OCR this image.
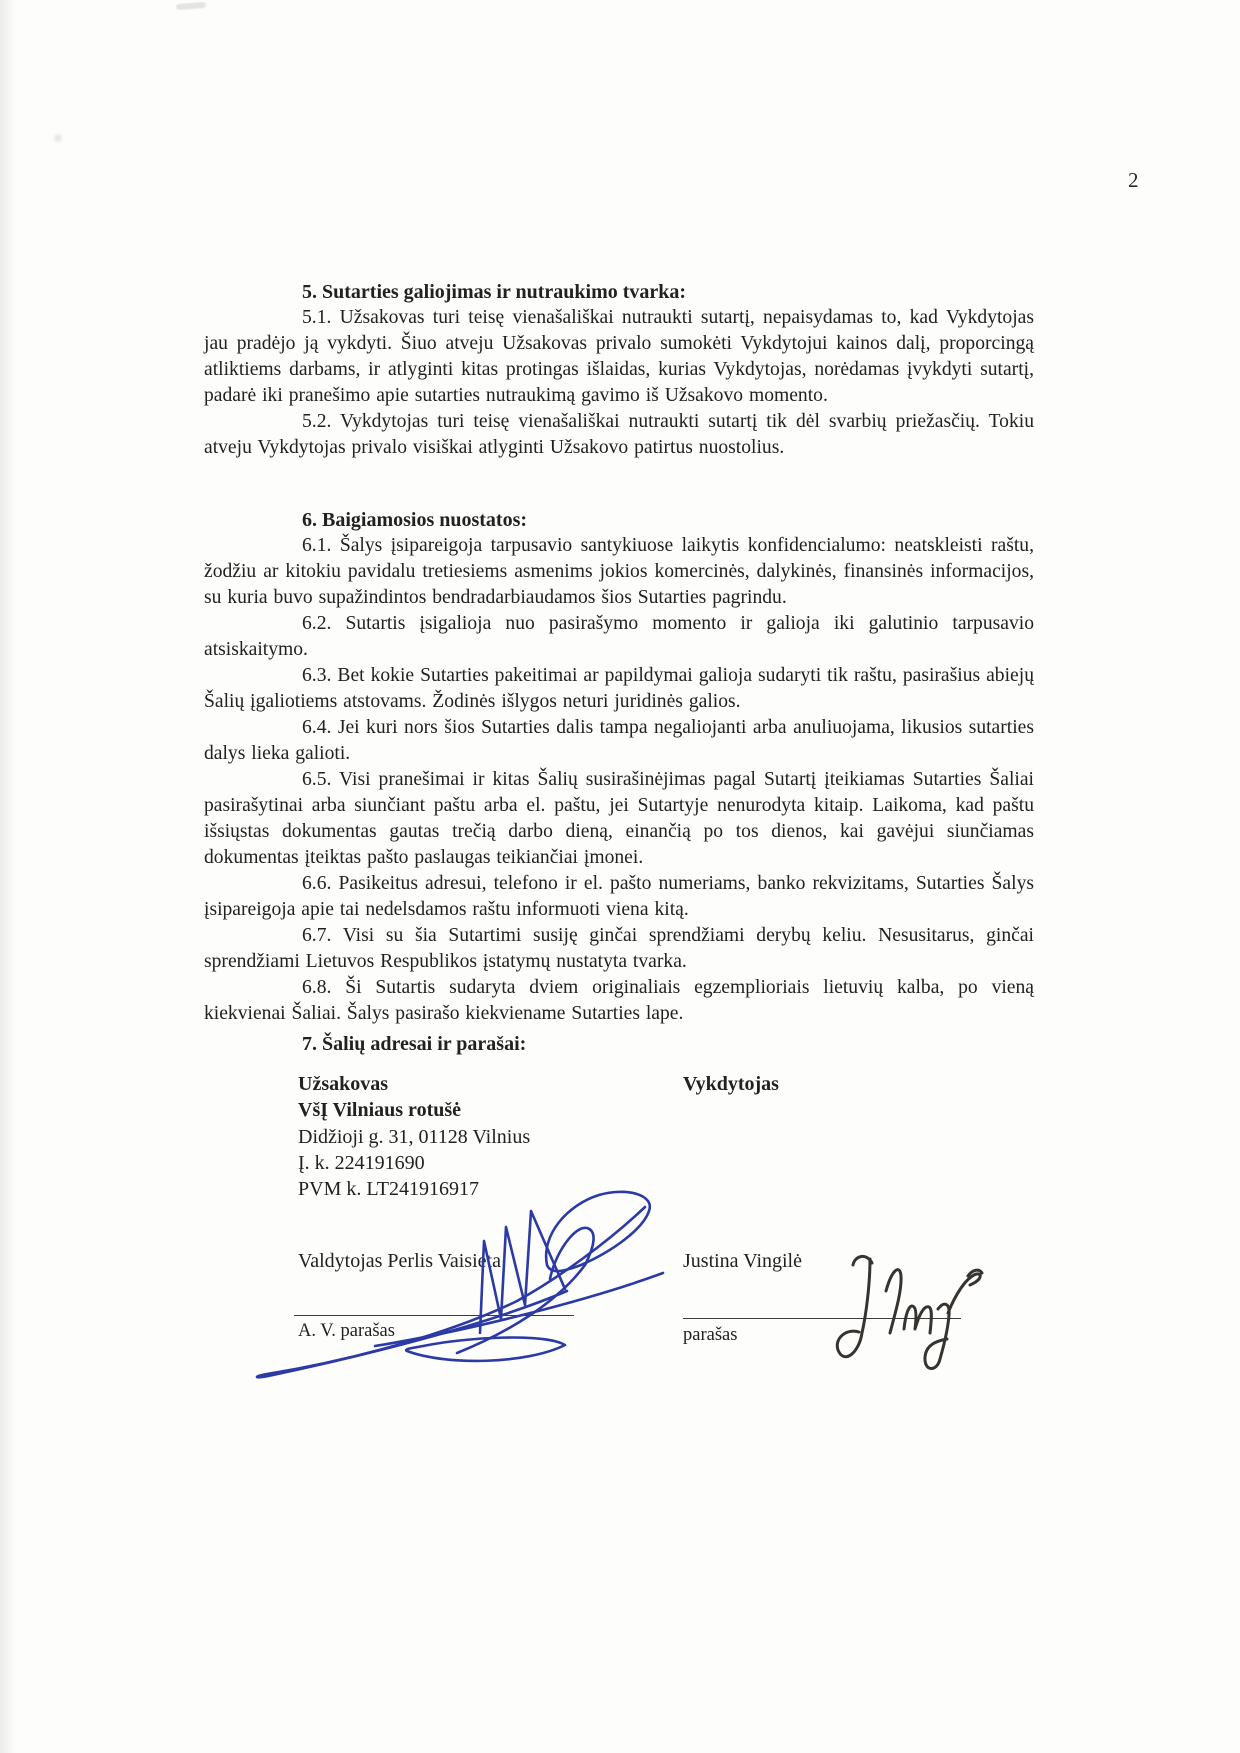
2
5. Sutarties galiojimas ir nutraukimo tvarka:

5.1. Užsakovas turi teisę vienašališkai nutraukti sutartį, nepaisydamas to, kad Vykdytojas jau pradėjo ją vykdyti. Šiuo atveju Užsakovas privalo sumokėti Vykdytojui kainos dalį, proporcingą atliktiems darbams, ir atlyginti kitas protingas išlaidas, kurias Vykdytojas, norėdamas įvykdyti sutartį, padarė iki pranešimo apie sutarties nutraukimą gavimo iš Užsakovo momento.

5.2. Vykdytojas turi teisę vienašališkai nutraukti sutartį tik dėl svarbių priežasčių. Tokiu atveju Vykdytojas privalo visiškai atlyginti Užsakovo patirtus nuostolius.

6. Baigiamosios nuostatos:

6.1. Šalys įsipareigoja tarpusavio santykiuose laikytis konfidencialumo: neatskleisti raštu, žodžiu ar kitokiu pavidalu tretiesiems asmenims jokios komercinės, dalykinės, finansinės informacijos, su kuria buvo supažindintos bendradarbiaudamos šios Sutarties pagrindu.

6.2. Sutartis įsigalioja nuo pasirašymo momento ir galioja iki galutinio tarpusavio atsiskaitymo.

6.3. Bet kokie Sutarties pakeitimai ar papildymai galioja sudaryti tik raštu, pasirašius abiejų Šalių įgaliotiems atstovams. Žodinės išlygos neturi juridinės galios.

6.4. Jei kuri nors šios Sutarties dalis tampa negaliojanti arba anuliuojama, likusios sutarties dalys lieka galioti.

6.5. Visi pranešimai ir kitas Šalių susirašinėjimas pagal Sutartį įteikiamas Sutarties Šaliai pasirašytinai arba siunčiant paštu arba el. paštu, jei Sutartyje nenurodyta kitaip. Laikoma, kad paštu išsiųstas dokumentas gautas trečią darbo dieną, einančią po tos dienos, kai gavėjui siunčiamas dokumentas įteiktas pašto paslaugas teikiančiai įmonei.

6.6. Pasikeitus adresui, telefono ir el. pašto numeriams, banko rekvizitams, Sutarties Šalys įsipareigoja apie tai nedelsdamos raštu informuoti viena kitą.

6.7. Visi su šia Sutartimi susiję ginčai sprendžiami derybų keliu. Nesusitarus, ginčai sprendžiami Lietuvos Respublikos įstatymų nustatyta tvarka.

6.8. Ši Sutartis sudaryta dviem originaliais egzemplioriais lietuvių kalba, po vieną kiekvienai Šaliai. Šalys pasirašo kiekviename Sutarties lape.

7. Šalių adresai ir parašai:
Užsakovas
VšĮ Vilniaus rotušė
Didžioji g. 31, 01128 Vilnius
Į. k. 224191690
PVM k. LT241916917
Valdytojas Perlis Vaisieta
A. V. parašas
Vykdytojas
Justina Vingilė
parašas
